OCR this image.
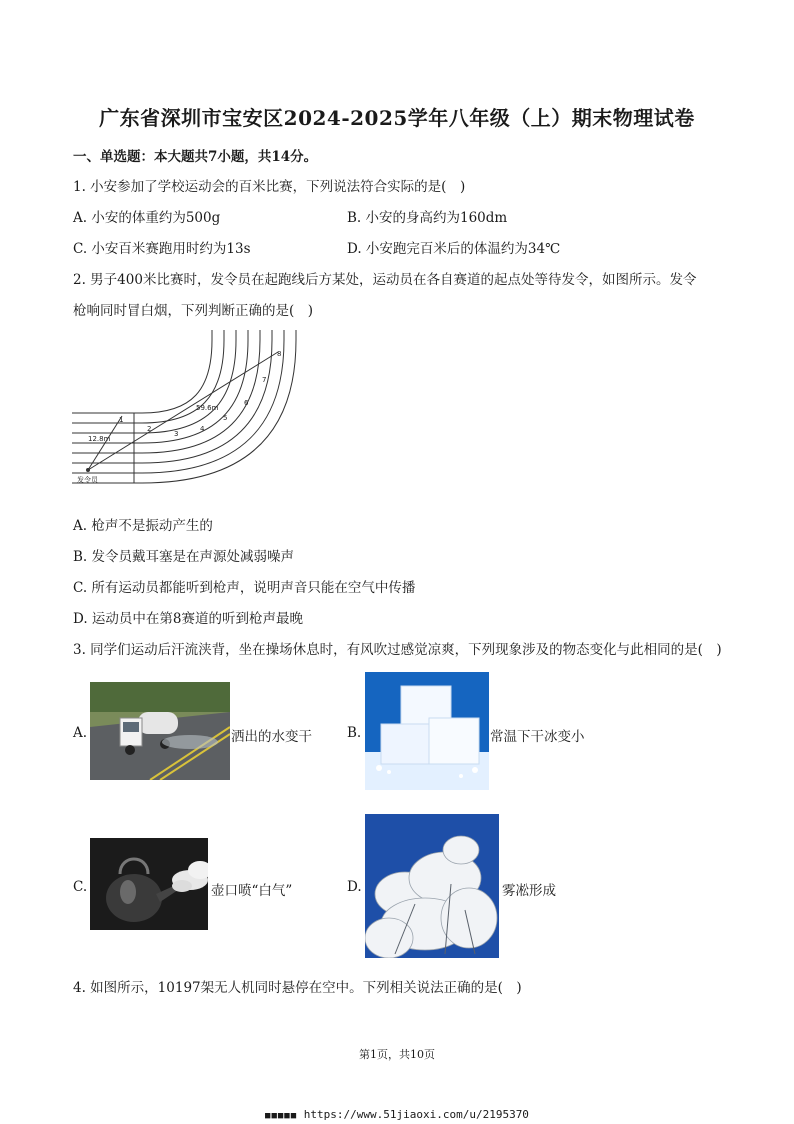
广东省深圳市宝安区2024-2025学年八年级（上）期末物理试卷
一、单选题：本大题共7小题，共14分。
1. 小安参加了学校运动会的百米比赛，下列说法符合实际的是(　)
A. 小安的体重约为500g	B. 小安的身高约为160dm
C. 小安百米赛跑用时约为13s	D. 小安跑完百米后的体温约为34℃
2. 男子400米比赛时，发令员在起跑线后方某处，运动员在各自赛道的起点处等待发令，如图所示。发令
枪响同时冒白烟，下列判断正确的是(　)
1
2
3
4
5
6
7
8
59.6m
12.8m
发令员
A. 枪声不是振动产生的
B. 发令员戴耳塞是在声源处减弱噪声
C. 所有运动员都能听到枪声，说明声音只能在空气中传播
D. 运动员中在第8赛道的听到枪声最晚
3. 同学们运动后汗流浃背，坐在操场休息时，有风吹过感觉凉爽，下列现象涉及的物态变化与此相同的是(　)
A.	洒出的水变干	B.	常温下干冰变小
C.	壶口喷“白气”	D.	雾凇形成
4. 如图所示，10197架无人机同时悬停在空中。下列相关说法正确的是(　)
第1页，共10页
■■■■■ https://www.51jiaoxi.com/u/2195370
